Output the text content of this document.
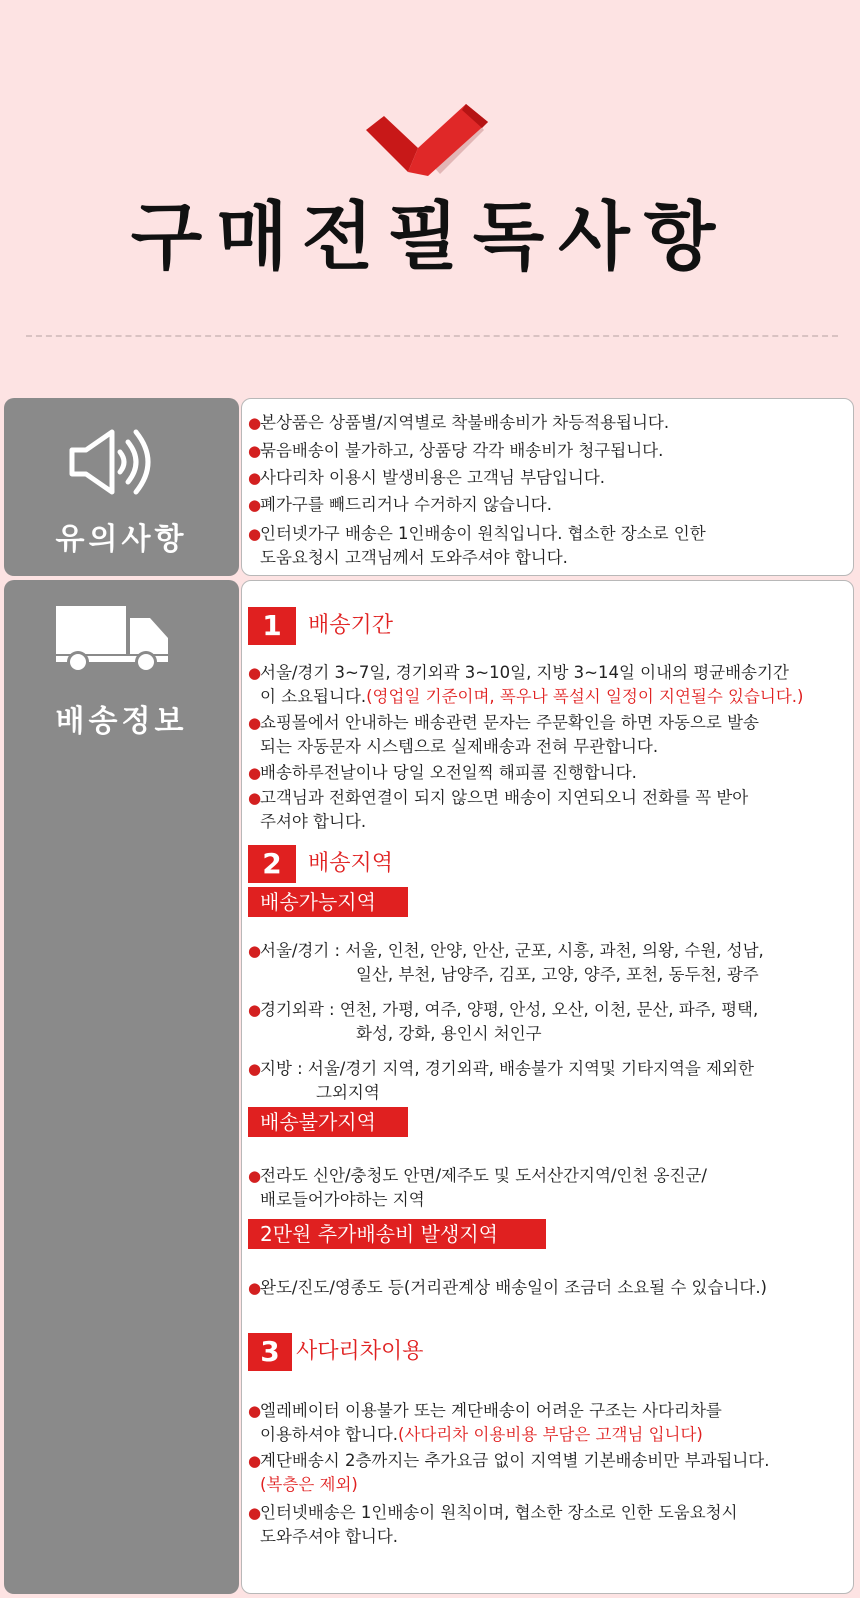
구매전필독사항
유의사항
●본상품은 상품별/지역별로 착불배송비가 차등적용됩니다.
●묶음배송이 불가하고, 상품당 각각 배송비가 청구됩니다.
●사다리차 이용시 발생비용은 고객님 부담입니다.
●폐가구를 빼드리거나 수거하지 않습니다.
●인터넷가구 배송은 1인배송이 원칙입니다. 협소한 장소로 인한
도움요청시 고객님께서 도와주셔야 합니다.
배송정보
1	배송기간
●서울/경기 3~7일, 경기외곽 3~10일, 지방 3~14일 이내의 평균배송기간
이 소요됩니다.(영업일 기준이며, 폭우나 폭설시 일정이 지연될수 있습니다.)
●쇼핑몰에서 안내하는 배송관련 문자는 주문확인을 하면 자동으로 발송
되는 자동문자 시스템으로 실제배송과 전혀 무관합니다.
●배송하루전날이나 당일 오전일찍 해피콜 진행합니다.
●고객님과 전화연결이 되지 않으면 배송이 지연되오니 전화를 꼭 받아
주셔야 합니다.
2	배송지역
배송가능지역
●서울/경기 : 서울, 인천, 안양, 안산, 군포, 시흥, 과천, 의왕, 수원, 성남,
일산, 부천, 남양주, 김포, 고양, 양주, 포천, 동두천, 광주
●경기외곽 : 연천, 가평, 여주, 양평, 안성, 오산, 이천, 문산, 파주, 평택,
화성, 강화, 용인시 처인구
●지방 : 서울/경기 지역, 경기외곽, 배송불가 지역및 기타지역을 제외한
그외지역
배송불가지역
●전라도 신안/충청도 안면/제주도 및 도서산간지역/인천 옹진군/
배로들어가야하는 지역
2만원 추가배송비 발생지역
●완도/진도/영종도 등(거리관계상 배송일이 조금더 소요될 수 있습니다.)
3 사다리차이용
●엘레베이터 이용불가 또는 계단배송이 어려운 구조는 사다리차를
이용하셔야 합니다.(사다리차 이용비용 부담은 고객님 입니다)
●계단배송시 2층까지는 추가요금 없이 지역별 기본배송비만 부과됩니다.
(복층은 제외)
●인터넷배송은 1인배송이 원칙이며, 협소한 장소로 인한 도움요청시
도와주셔야 합니다.
